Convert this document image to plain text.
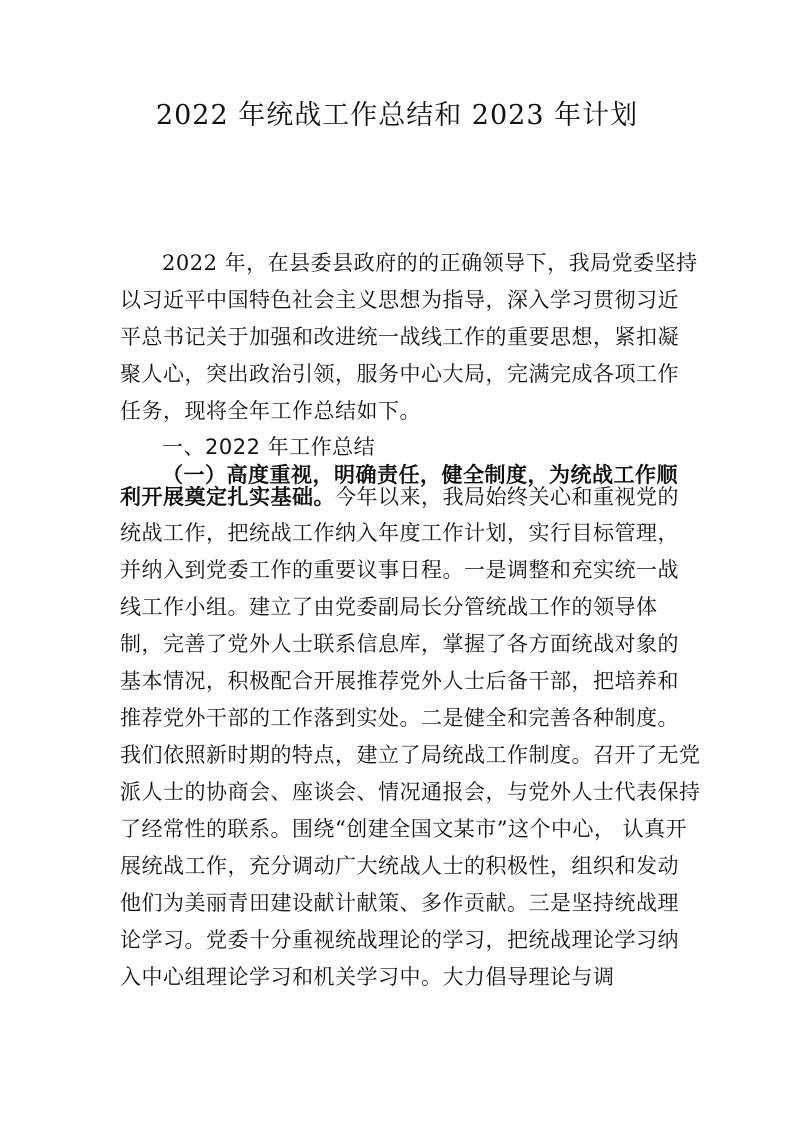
2022 年统战工作总结和 2023 年计划
2022 年，在县委县政府的的正确领导下，我局党委坚持
以习近平中国特色社会主义思想为指导，深入学习贯彻习近
平总书记关于加强和改进统一战线工作的重要思想，紧扣凝
聚人心，突出政治引领，服务中心大局，完满完成各项工作
任务，现将全年工作总结如下。
一、2022 年工作总结
（一）高度重视，明确责任，健全制度，为统战工作顺
利开展奠定扎实基础。今年以来，我局始终关心和重视党的
统战工作，把统战工作纳入年度工作计划，实行目标管理，
并纳入到党委工作的重要议事日程。一是调整和充实统一战
线工作小组。建立了由党委副局长分管统战工作的领导体
制，完善了党外人士联系信息库，掌握了各方面统战对象的
基本情况，积极配合开展推荐党外人士后备干部，把培养和
推荐党外干部的工作落到实处。二是健全和完善各种制度。
我们依照新时期的特点，建立了局统战工作制度。召开了无党
派人士的协商会、座谈会、情况通报会，与党外人士代表保持
了经常性的联系。围绕“创建全国文某市”这个中心， 认真开
展统战工作，充分调动广大统战人士的积极性，组织和发动
他们为美丽青田建设献计献策、多作贡献。三是坚持统战理
论学习。党委十分重视统战理论的学习，把统战理论学习纳
入中心组理论学习和机关学习中。大力倡导理论与调
